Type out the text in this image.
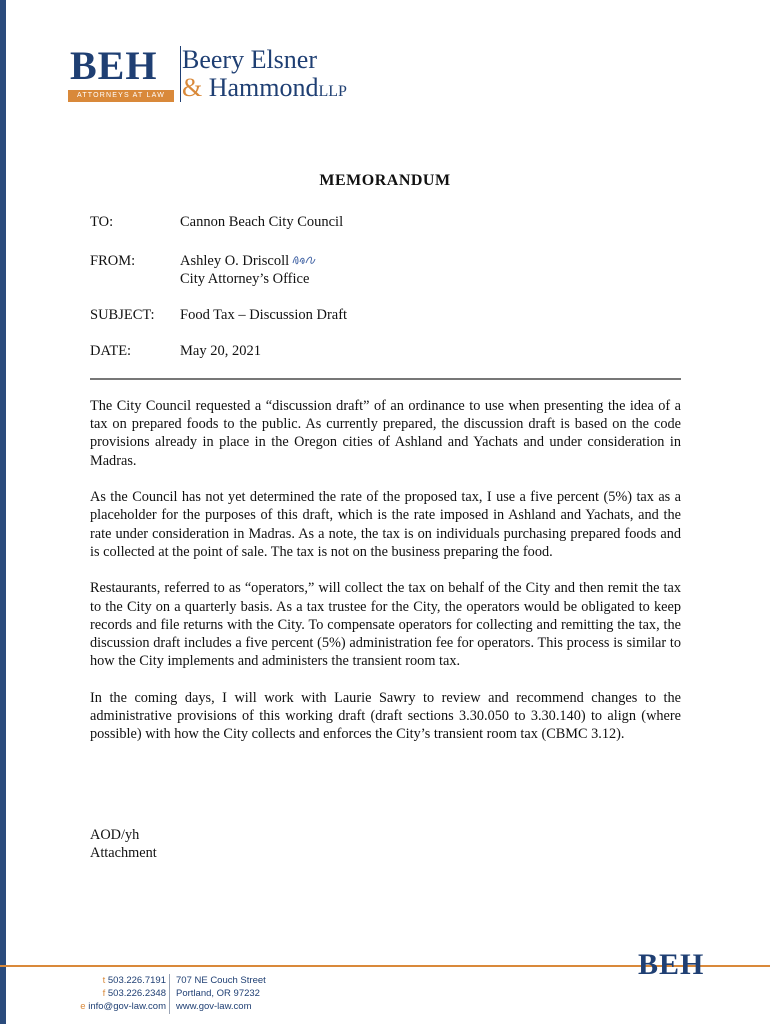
BEH
ATTORNEYS AT LAW
Beery Elsner
& HammondLLP
MEMORANDUM
TO:	Cannon Beach City Council
FROM:	Ashley O. Driscoll
City Attorney’s Office
SUBJECT: Food Tax – Discussion Draft
DATE:	May 20, 2021

The City Council requested a “discussion draft” of an ordinance to use when presenting the idea of a tax on prepared foods to the public. As currently prepared, the discussion draft is based on the code provisions already in place in the Oregon cities of Ashland and Yachats and under consideration in Madras.

As the Council has not yet determined the rate of the proposed tax, I use a five percent (5%) tax as a placeholder for the purposes of this draft, which is the rate imposed in Ashland and Yachats, and the rate under consideration in Madras. As a note, the tax is on individuals purchasing prepared foods and is collected at the point of sale. The tax is not on the business preparing the food.

Restaurants, referred to as “operators,” will collect the tax on behalf of the City and then remit the tax to the City on a quarterly basis. As a tax trustee for the City, the operators would be obligated to keep records and file returns with the City. To compensate operators for collecting and remitting the tax, the discussion draft includes a five percent (5%) administration fee for operators. This process is similar to how the City implements and administers the transient room tax.

In the coming days, I will work with Laurie Sawry to review and recommend changes to the administrative provisions of this working draft (draft sections 3.30.050 to 3.30.140) to align (where possible) with how the City collects and enforces the City’s transient room tax (CBMC 3.12).

AOD/yh
Attachment
t 503.226.7191
f 503.226.2348
e info@gov-law.com
707 NE Couch Street
Portland, OR 97232
www.gov-law.com
BEH
